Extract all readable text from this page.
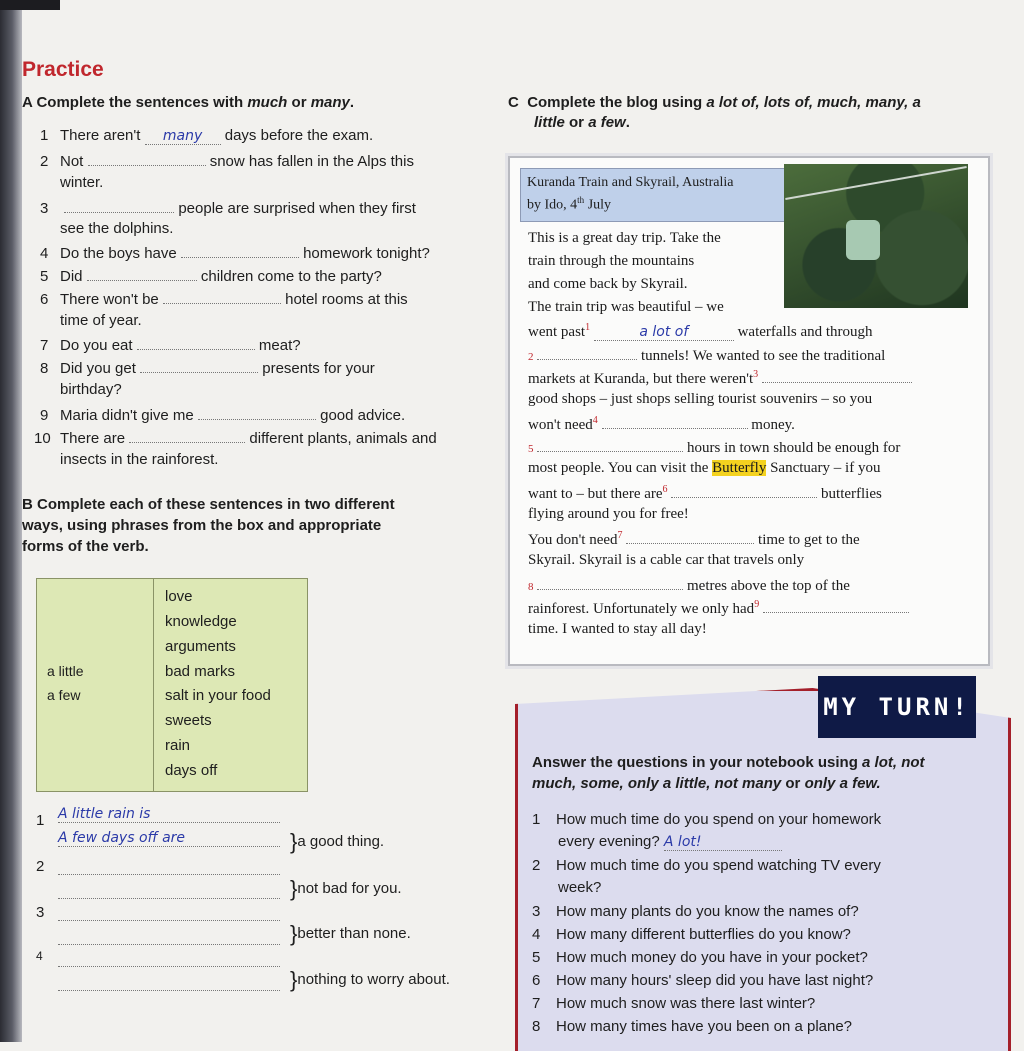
Practice
A Complete the sentences with much or many.
1 There aren't many days before the exam.
2 Not	snow has fallen in the Alps this
winter.
3	people are surprised when they first
see the dolphins.
4 Do the boys have	homework tonight?
5 Did	children come to the party?
6 There won't be	hotel rooms at this
time of year.
7 Do you eat	meat?
8 Did you get	presents for your
birthday?
9 Maria didn't give me	good advice.
10 There are	different plants, animals and
insects in the rainforest.
B Complete each of these sentences in two different
ways, using phrases from the box and appropriate
forms of the verb.
a little
a few
love
knowledge
arguments
bad marks
salt in your food
sweets
rain
days off
1 A little rain is
A few days off are	}a good thing.
2
}not bad for you.
3
}better than none.
4
}nothing to worry about.
C Complete the blog using a lot of, lots of, much, many, a
little or a few.
Kuranda Train and Skyrail, Australia
by Ido, 4th July
This is a great day trip. Take the
train through the mountains
and come back by Skyrail.
The train trip was beautiful – we
went past$^1$	a lot of	waterfalls and through
2	tunnels! We wanted to see the traditional
markets at Kuranda, but there $weren't^3$
good shops – just shops selling tourist souvenirs – so you
won't need$^4$	money.
5	hours in town should be enough for
most people. You can visit the Butterfly Sanctuary – if you
want to – but there are$^6$	butterflies
flying around you for free!
You don't need$^7$	time to get to the
Skyrail. Skyrail is a cable car that travels only
8	metres above the top of the
rainforest. Unfortunately we only had$^9$
time. I wanted to stay all day!
MY TURN!
Answer the questions in your notebook using a lot, not
much, some, only a little, not many or only a few.
1 How much time do you spend on your homework
every evening? A lot!
2 How much time do you spend watching TV every
week?
3 How many plants do you know the names of?
4 How many different butterflies do you know?
5 How much money do you have in your pocket?
6 How many hours' sleep did you have last night?
7 How much snow was there last winter?
8 How many times have you been on a plane?
